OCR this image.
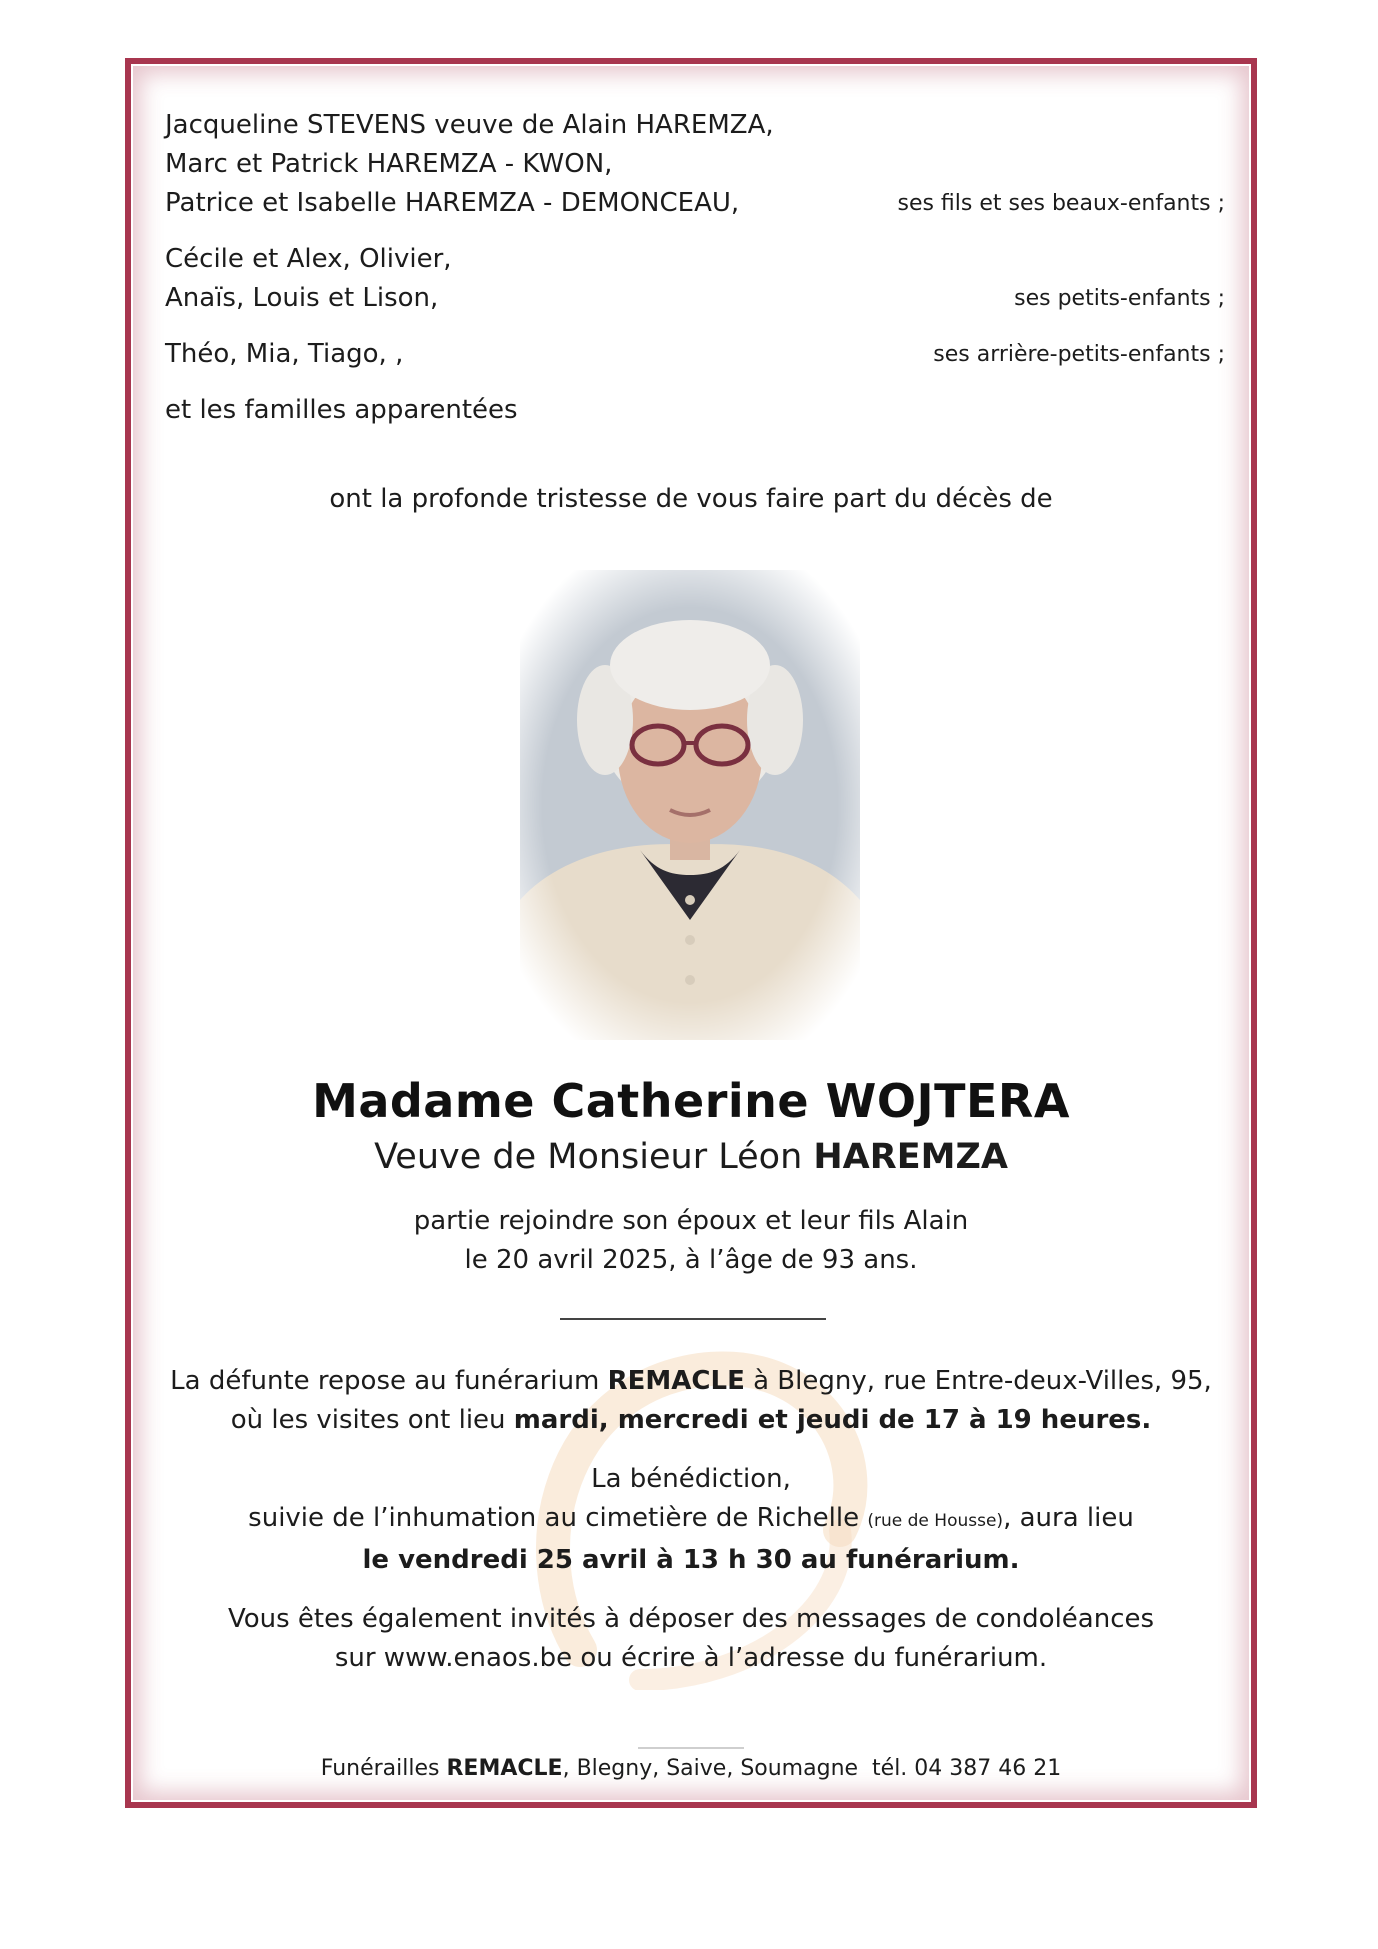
Jacqueline STEVENS veuve de Alain HAREMZA,
Marc et Patrick HAREMZA - KWON,
Patrice et Isabelle HAREMZA - DEMONCEAU,	ses fils et ses beaux-enfants ;
Cécile et Alex, Olivier,
Anaïs, Louis et Lison,	ses petits-enfants ;
Théo, Mia, Tiago, ,	ses arrière-petits-enfants ;
et les familles apparentées
ont la profonde tristesse de vous faire part du décès de
Madame Catherine WOJTERA
Veuve de Monsieur Léon HAREMZA
partie rejoindre son époux et leur fils Alain
le 20 avril 2025, à l’âge de 93 ans.

La défunte repose au funérarium REMACLE à Blegny, rue Entre-deux-Villes, 95,

où les visites ont lieu mardi, mercredi et jeudi de 17 à 19 heures.

La bénédiction,

suivie de l’inhumation au cimetière de Richelle (rue de Housse), aura lieu

le vendredi 25 avril à 13 h 30 au funérarium.

Vous êtes également invités à déposer des messages de condoléances

sur www.enaos.be ou écrire à l’adresse du funérarium.

Funérailles REMACLE, Blegny, Saive, Soumagne  tél. 04 387 46 21
